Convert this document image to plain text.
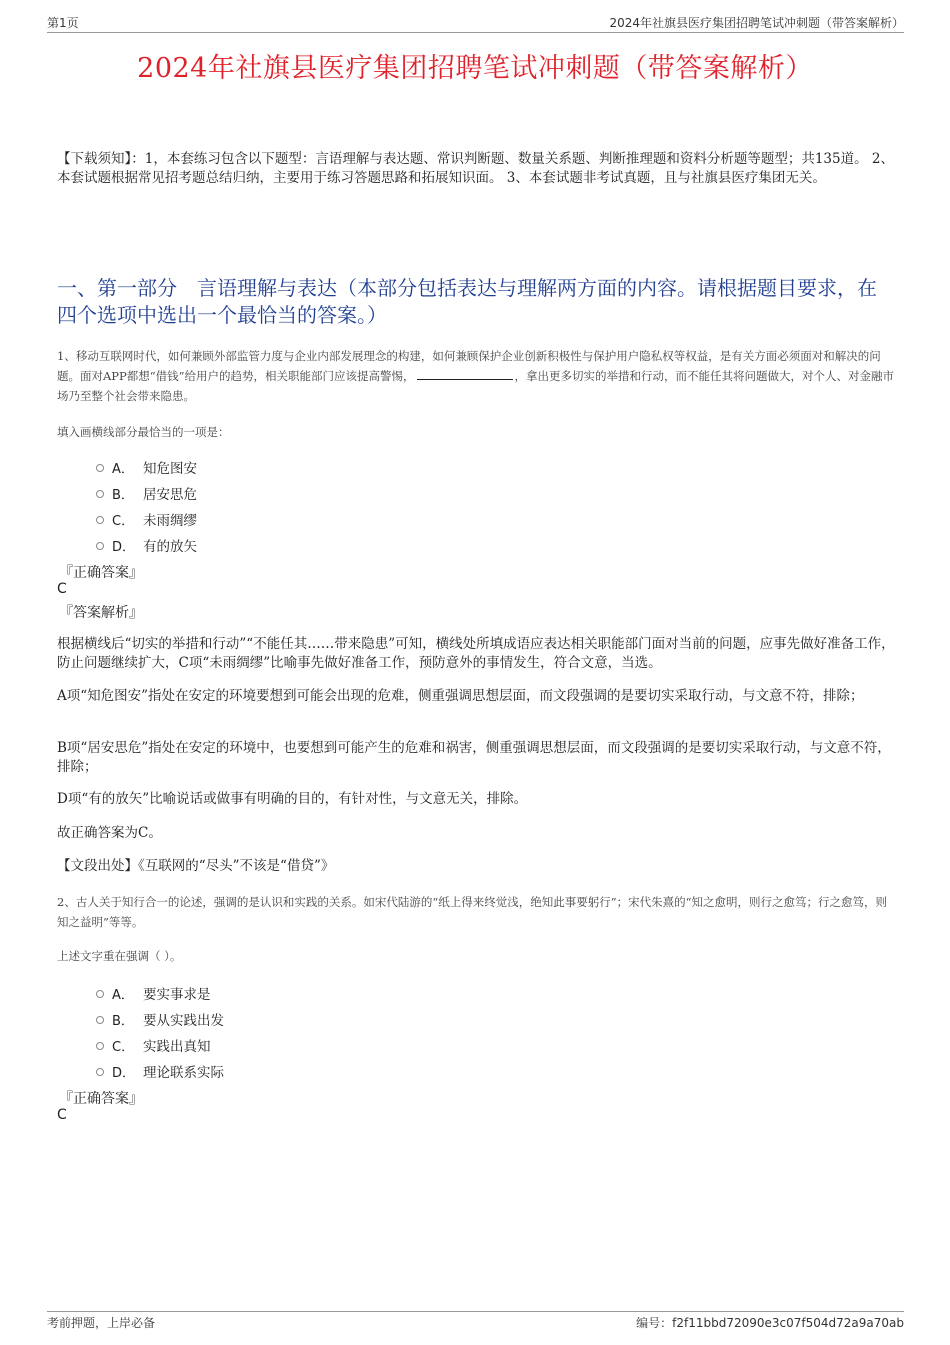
第1页	2024年社旗县医疗集团招聘笔试冲刺题（带答案解析）
2024年社旗县医疗集团招聘笔试冲刺题（带答案解析）
【下载须知】：1，本套练习包含以下题型：言语理解与表达题、常识判断题、数量关系题、判断推理题和资料分析题等题型；共135道。 2、本套试题根据常见招考题总结归纳，主要用于练习答题思路和拓展知识面。 3、本套试题非考试真题，且与社旗县医疗集团无关。
一、第一部分　言语理解与表达（本部分包括表达与理解两方面的内容。请根据题目要求，在四个选项中选出一个最恰当的答案。）
1、移动互联网时代，如何兼顾外部监管力度与企业内部发展理念的构建，如何兼顾保护企业创新积极性与保护用户隐私权等权益，是有关方面必须面对和解决的问题。面对APP都想“借钱”给用户的趋势，相关职能部门应该提高警惕，	，拿出更多切实的举措和行动，而不能任其将问题做大，对个人、对金融市场乃至整个社会带来隐患。
填入画横线部分最恰当的一项是：
A． 知危图安
B． 居安思危
C． 未雨绸缪
D． 有的放矢
『正确答案』
C
『答案解析』
根据横线后“切实的举措和行动”“不能任其……带来隐患”可知，横线处所填成语应表达相关职能部门面对当前的问题，应事先做好准备工作，防止问题继续扩大，C项“未雨绸缪”比喻事先做好准备工作，预防意外的事情发生，符合文意，当选。
A项“知危图安”指处在安定的环境要想到可能会出现的危难，侧重强调思想层面，而文段强调的是要切实采取行动，与文意不符，排除；
B项“居安思危”指处在安定的环境中，也要想到可能产生的危难和祸害，侧重强调思想层面，而文段强调的是要切实采取行动，与文意不符，排除；
D项“有的放矢”比喻说话或做事有明确的目的，有针对性，与文意无关，排除。
故正确答案为C。
【文段出处】《互联网的“尽头”不该是“借贷”》
2、古人关于知行合一的论述，强调的是认识和实践的关系。如宋代陆游的“纸上得来终觉浅，绝知此事要躬行”；宋代朱熹的“知之愈明，则行之愈笃；行之愈笃，则知之益明”等等。
上述文字重在强调（ ）。
A． 要实事求是
B． 要从实践出发
C． 实践出真知
D． 理论联系实际
『正确答案』
C
考前押题，上岸必备	编号：f2f11bbd72090e3c07f504d72a9a70ab
